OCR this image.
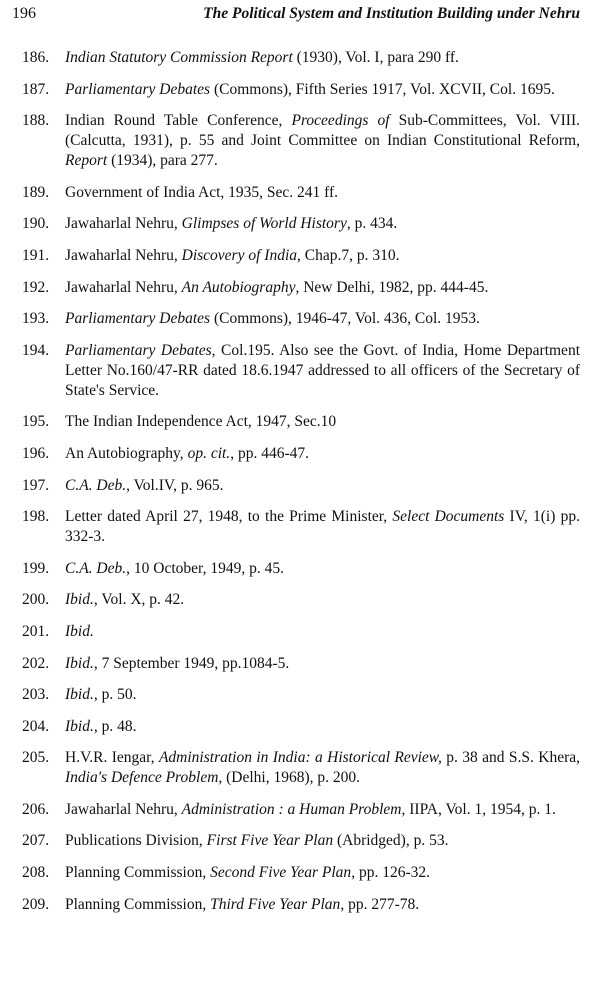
196	The Political System and Institution Building under Nehru
186.	Indian Statutory Commission Report (1930), Vol. I, para 290 ff.
187.	Parliamentary Debates (Commons), Fifth Series 1917, Vol. XCVII, Col. 1695.
188.	Indian Round Table Conference, Proceedings of Sub-Committees, Vol. VIII. (Calcutta, 1931), p. 55 and Joint Committee on Indian Constitutional Reform, Report (1934), para 277.
189.	Government of India Act, 1935, Sec. 241 ff.
190.	Jawaharlal Nehru, Glimpses of World History, p. 434.
191.	Jawaharlal Nehru, Discovery of India, Chap.7, p. 310.
192.	Jawaharlal Nehru, An Autobiography, New Delhi, 1982, pp. 444-45.
193.	Parliamentary Debates (Commons), 1946-47, Vol. 436, Col. 1953.
194.	Parliamentary Debates, Col.195. Also see the Govt. of India, Home Department Letter No.160/47-RR dated 18.6.1947 addressed to all officers of the Secretary of State's Service.
195.	The Indian Independence Act, 1947, Sec.10
196.	An Autobiography, op. cit., pp. 446-47.
197.	C.A. Deb., Vol.IV, p. 965.
198.	Letter dated April 27, 1948, to the Prime Minister, Select Documents IV, 1(i) pp. 332-3.
199.	C.A. Deb., 10 October, 1949, p. 45.
200.	Ibid., Vol. X, p. 42.
201.	Ibid.
202.	Ibid., 7 September 1949, pp.1084-5.
203.	Ibid., p. 50.
204.	Ibid., p. 48.
205.	H.V.R. Iengar, Administration in India: a Historical Review, p. 38 and S.S. Khera, India's Defence Problem, (Delhi, 1968), p. 200.
206.	Jawaharlal Nehru, Administration : a Human Problem, IIPA, Vol. 1, 1954, p. 1.
207.	Publications Division, First Five Year Plan (Abridged), p. 53.
208.	Planning Commission, Second Five Year Plan, pp. 126-32.
209.	Planning Commission, Third Five Year Plan, pp. 277-78.
